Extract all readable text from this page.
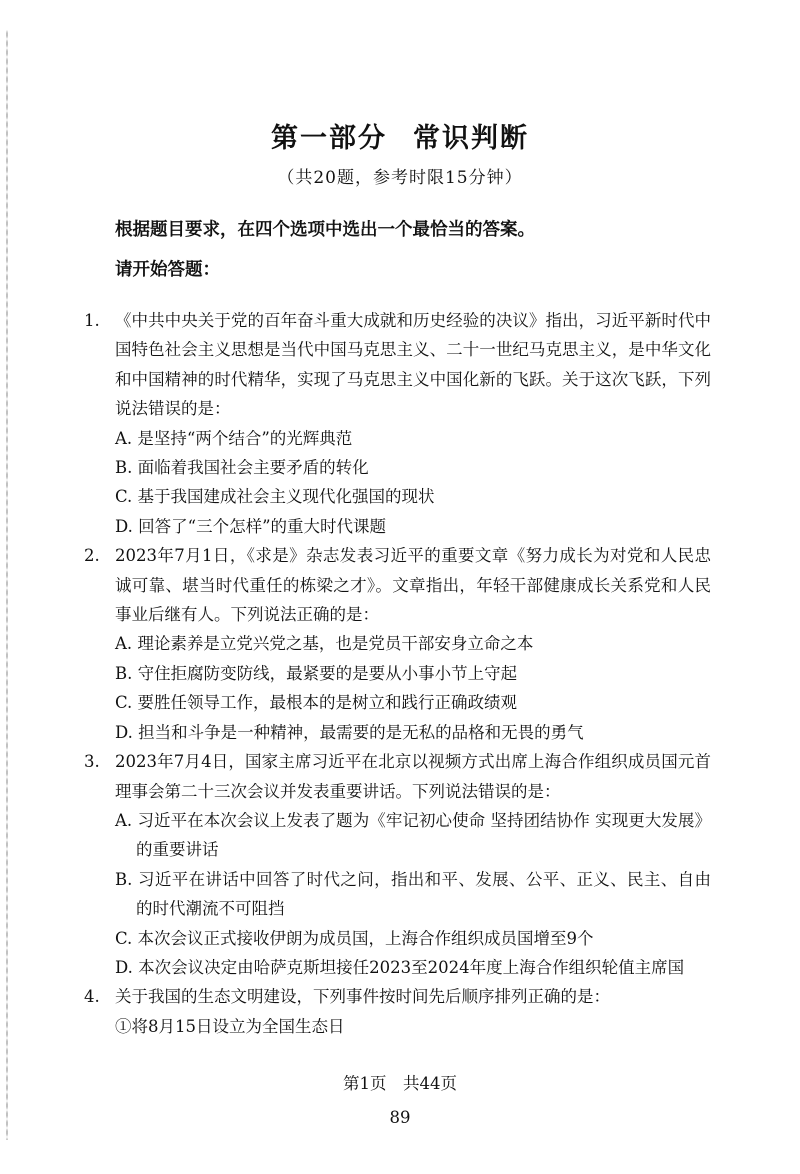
第一部分 常识判断
（共20题，参考时限15分钟）
根据题目要求，在四个选项中选出一个最恰当的答案。
请开始答题：
1. 《中共中央关于党的百年奋斗重大成就和历史经验的决议》指出，习近平新时代中国特色社会主义思想是当代中国马克思主义、二十一世纪马克思主义，是中华文化和中国精神的时代精华，实现了马克思主义中国化新的飞跃。关于这次飞跃，下列说法错误的是：
A. 是坚持“两个结合”的光辉典范
B. 面临着我国社会主要矛盾的转化
C. 基于我国建成社会主义现代化强国的现状
D. 回答了“三个怎样”的重大时代课题
2. 2023年7月1日，《求是》杂志发表习近平的重要文章《努力成长为对党和人民忠诚可靠、堪当时代重任的栋梁之才》。文章指出，年轻干部健康成长关系党和人民事业后继有人。下列说法正确的是：
A. 理论素养是立党兴党之基，也是党员干部安身立命之本
B. 守住拒腐防变防线，最紧要的是要从小事小节上守起
C. 要胜任领导工作，最根本的是树立和践行正确政绩观
D. 担当和斗争是一种精神，最需要的是无私的品格和无畏的勇气
3. 2023年7月4日，国家主席习近平在北京以视频方式出席上海合作组织成员国元首理事会第二十三次会议并发表重要讲话。下列说法错误的是：
A. 习近平在本次会议上发表了题为《牢记初心使命 坚持团结协作 实现更大发展》的重要讲话
B. 习近平在讲话中回答了时代之问，指出和平、发展、公平、正义、民主、自由的时代潮流不可阻挡
C. 本次会议正式接收伊朗为成员国，上海合作组织成员国增至9个
D. 本次会议决定由哈萨克斯坦接任2023至2024年度上海合作组织轮值主席国
4. 关于我国的生态文明建设，下列事件按时间先后顺序排列正确的是：
①将8月15日设立为全国生态日
第1页　共44页
89
